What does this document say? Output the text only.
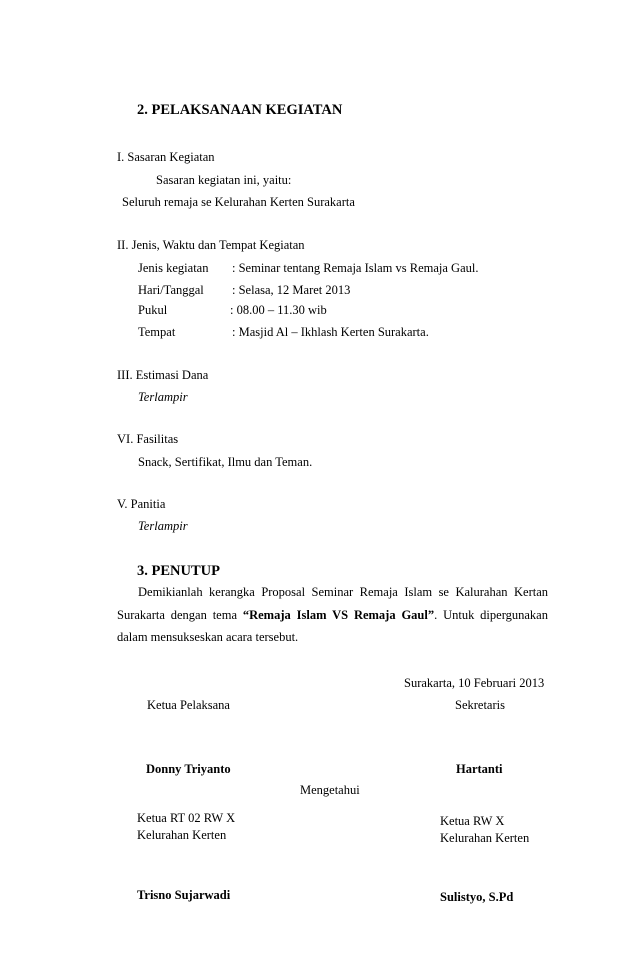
2. PELAKSANAAN KEGIATAN
I. Sasaran Kegiatan
Sasaran kegiatan ini, yaitu:
Seluruh remaja se Kelurahan Kerten Surakarta
II. Jenis, Waktu dan Tempat Kegiatan
Jenis kegiatan : Seminar tentang Remaja Islam vs Remaja Gaul.
Hari/Tanggal : Selasa, 12 Maret 2013
Pukul	: 08.00 – 11.30 wib
Tempat	: Masjid Al – Ikhlash Kerten Surakarta.
III. Estimasi Dana
Terlampir
VI. Fasilitas
Snack, Sertifikat, Ilmu dan Teman.
V. Panitia
Terlampir
3. PENUTUP
Demikianlah kerangka Proposal Seminar Remaja Islam se Kalurahan Kertan
Surakarta dengan tema “Remaja Islam VS Remaja Gaul”. Untuk dipergunakan
dalam mensukseskan acara tersebut.
Surakarta, 10 Februari 2013
Ketua Pelaksana	Sekretaris
Donny Triyanto	Hartanti
Mengetahui
Ketua RT 02 RW X
Kelurahan Kerten
Ketua RW X
Kelurahan Kerten
Trisno Sujarwadi	Sulistyo, S.Pd
